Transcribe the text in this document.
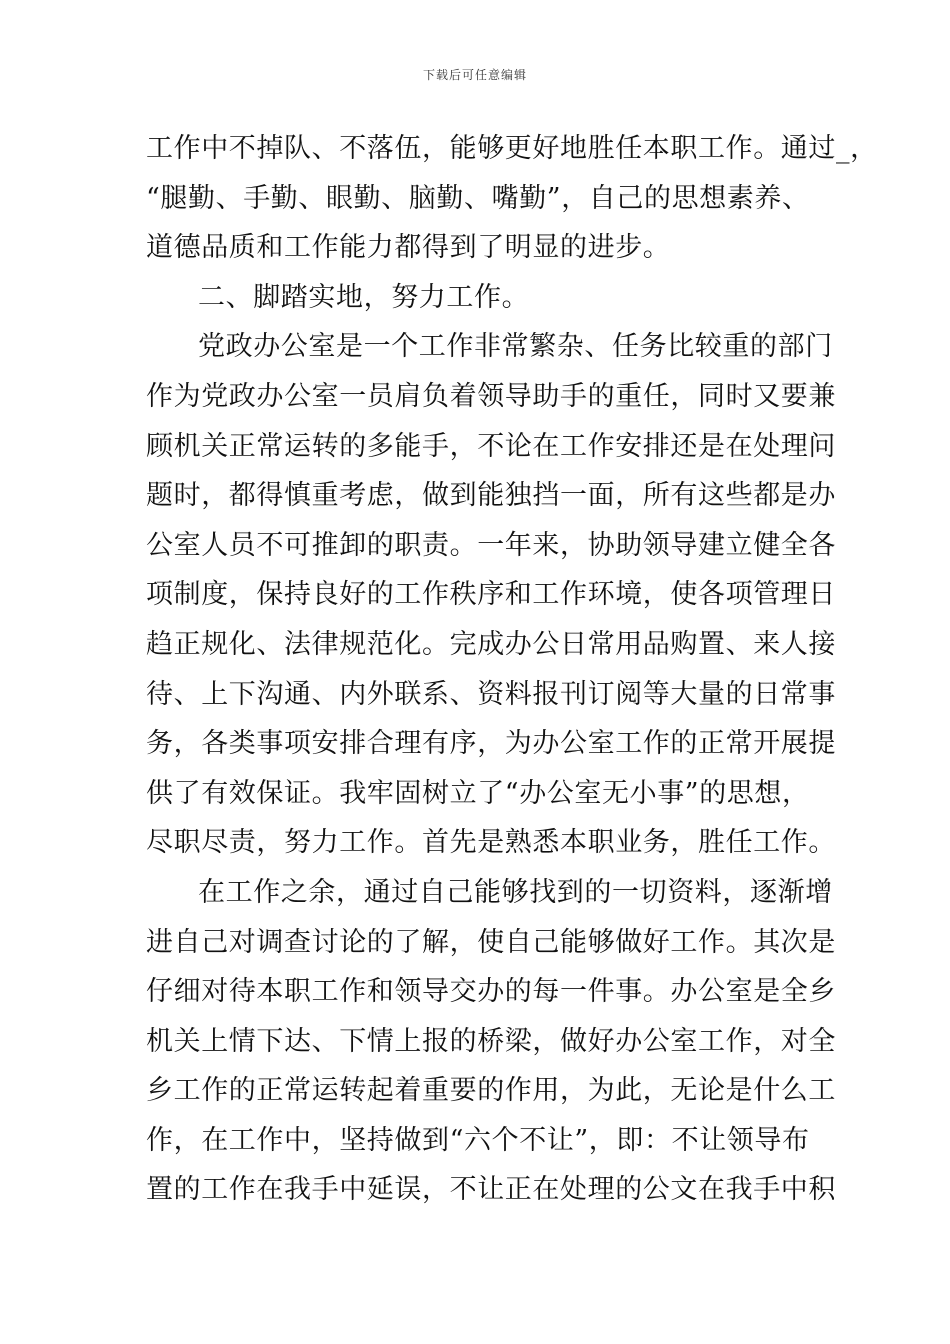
下载后可任意编辑
工作中不掉队、不落伍，能够更好地胜任本职工作。通过_，
“腿勤、手勤、眼勤、脑勤、嘴勤”，自己的思想素养、
道德品质和工作能力都得到了明显的进步。
二、脚踏实地，努力工作。
党政办公室是一个工作非常繁杂、任务比较重的部门
作为党政办公室一员肩负着领导助手的重任，同时又要兼
顾机关正常运转的多能手，不论在工作安排还是在处理问
题时，都得慎重考虑，做到能独挡一面，所有这些都是办
公室人员不可推卸的职责。一年来，协助领导建立健全各
项制度，保持良好的工作秩序和工作环境，使各项管理日
趋正规化、法律规范化。完成办公日常用品购置、来人接
待、上下沟通、内外联系、资料报刊订阅等大量的日常事
务，各类事项安排合理有序，为办公室工作的正常开展提
供了有效保证。我牢固树立了“办公室无小事”的思想，
尽职尽责，努力工作。首先是熟悉本职业务，胜任工作。
在工作之余，通过自己能够找到的一切资料，逐渐增
进自己对调查讨论的了解，使自己能够做好工作。其次是
仔细对待本职工作和领导交办的每一件事。办公室是全乡
机关上情下达、下情上报的桥梁，做好办公室工作，对全
乡工作的正常运转起着重要的作用，为此，无论是什么工
作，在工作中，坚持做到“六个不让”，即：不让领导布
置的工作在我手中延误，不让正在处理的公文在我手中积
